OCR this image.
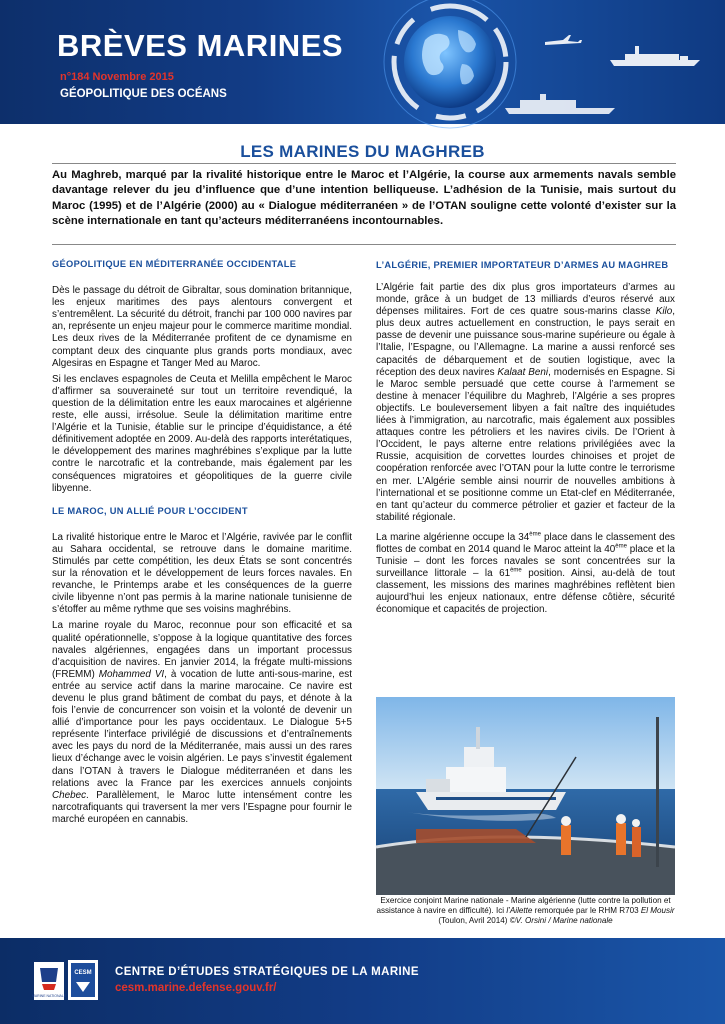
BRÈVES MARINES
n°184 Novembre 2015
GÉOPOLITIQUE DES OCÉANS
LES MARINES DU MAGHREB
Au Maghreb, marqué par la rivalité historique entre le Maroc et l’Algérie, la course aux armements navals semble davantage relever du jeu d’influence que d’une intention belliqueuse. L’adhésion de la Tunisie, mais surtout du Maroc (1995) et de l’Algérie (2000) au « Dialogue méditerranéen » de l’OTAN souligne cette volonté d’exister sur la scène internationale en tant qu’acteurs méditerranéens incontournables.
GÉOPOLITIQUE EN MÉDITERRANÉE OCCIDENTALE

Dès le passage du détroit de Gibraltar, sous domination britannique, les enjeux maritimes des pays alentours convergent et s’entremêlent. La sécurité du détroit, franchi par 100 000 navires par an, représente un enjeu majeur pour le commerce maritime mondial. Les deux rives de la Méditerranée profitent de ce dynamisme en comptant deux des cinquante plus grands ports mondiaux, avec Algesiras en Espagne et Tanger Med au Maroc.

Si les enclaves espagnoles de Ceuta et Melilla empêchent le Maroc d’affirmer sa souveraineté sur tout un territoire revendiqué, la question de la délimitation entre les eaux marocaines et algérienne reste, elle aussi, irrésolue. Seule la délimitation maritime entre l’Algérie et la Tunisie, établie sur le principe d’équidistance, a été définitivement adoptée en 2009. Au-delà des rapports interétatiques, le développement des marines maghrébines s’explique par la lutte contre le narcotrafic et la contrebande, mais également par les conséquences migratoires et géopolitiques de la guerre civile libyenne.

LE MAROC, UN ALLIÉ POUR L’OCCIDENT

La rivalité historique entre le Maroc et l’Algérie, ravivée par le conflit au Sahara occidental, se retrouve dans le domaine maritime. Stimulés par cette compétition, les deux États se sont concentrés sur la rénovation et le développement de leurs forces navales. En revanche, le Printemps arabe et les conséquences de la guerre civile libyenne n’ont pas permis à la marine nationale tunisienne de s’étoffer au même rythme que ses voisins maghrébins.

La marine royale du Maroc, reconnue pour son efficacité et sa qualité opérationnelle, s’oppose à la logique quantitative des forces navales algériennes, engagées dans un important processus d’acquisition de navires. En janvier 2014, la frégate multi-missions (FREMM) Mohammed VI, à vocation de lutte anti-sous-marine, est entrée au service actif dans la marine marocaine. Ce navire est devenu le plus grand bâtiment de combat du pays, et dénote à la fois l’envie de concurrencer son voisin et la volonté de devenir un allié d’importance pour les pays occidentaux. Le Dialogue 5+5 représente l’interface privilégié de discussions et d’entraînements avec les pays du nord de la Méditerranée, mais aussi un des rares lieux d’échange avec le voisin algérien. Le pays s’investit également dans l’OTAN à travers le Dialogue méditerranéen et dans les relations avec la France par les exercices annuels conjoints Chebec. Parallèlement, le Maroc lutte intensément contre les narcotrafiquants qui traversent la mer vers l’Espagne pour fournir le marché européen en cannabis.

L’ALGÉRIE, PREMIER IMPORTATEUR D’ARMES AU MAGHREB

L’Algérie fait partie des dix plus gros importateurs d’armes au monde, grâce à un budget de 13 milliards d’euros réservé aux dépenses militaires. Fort de ces quatre sous-marins classe Kilo, plus deux autres actuellement en construction, le pays serait en passe de devenir une puissance sous-marine supérieure ou égale à l’Italie, l’Espagne, ou l’Allemagne. La marine a aussi renforcé ses capacités de débarquement et de soutien logistique, avec la réception des deux navires Kalaat Beni, modernisés en Espagne. Si le Maroc semble persuadé que cette course à l’armement se destine à menacer l’équilibre du Maghreb, l’Algérie a ses propres objectifs. Le bouleversement libyen a fait naître des inquiétudes liées à l’immigration, au narcotrafic, mais également aux possibles attaques contre les pétroliers et les navires civils. De l’Orient à l’Occident, le pays alterne entre relations privilégiées avec la Russie, acquisition de corvettes lourdes chinoises et projet de coopération renforcée avec l’OTAN pour la lutte contre le terrorisme en mer. L’Algérie semble ainsi nourrir de nouvelles ambitions à l’international et se positionne comme un Etat-clef en Méditerranée, en tant qu’acteur du commerce pétrolier et gazier et facteur de la stabilité régionale.

La marine algérienne occupe la 34ème place dans le classement des flottes de combat en 2014 quand le Maroc atteint la 40ème place et la Tunisie – dont les forces navales se sont concentrées sur la surveillance littorale – la 61ème position. Ainsi, au-delà de tout classement, les missions des marines maghrébines reflètent bien aujourd’hui les enjeux nationaux, entre défense côtière, sécurité économique et capacités de projection.

Exercice conjoint Marine nationale - Marine algérienne (lutte contre la pollution et assistance à navire en difficulté). Ici l’Ailette remorquée par le RHM R703 El Mousir (Toulon, Avril 2014) ©V. Orsini / Marine nationale
MARINE NATIONALE
CESM CENTRE D’ÉTUDES STRATÉGIQUES DE LA MARINE
cesm.marine.defense.gouv.fr/
